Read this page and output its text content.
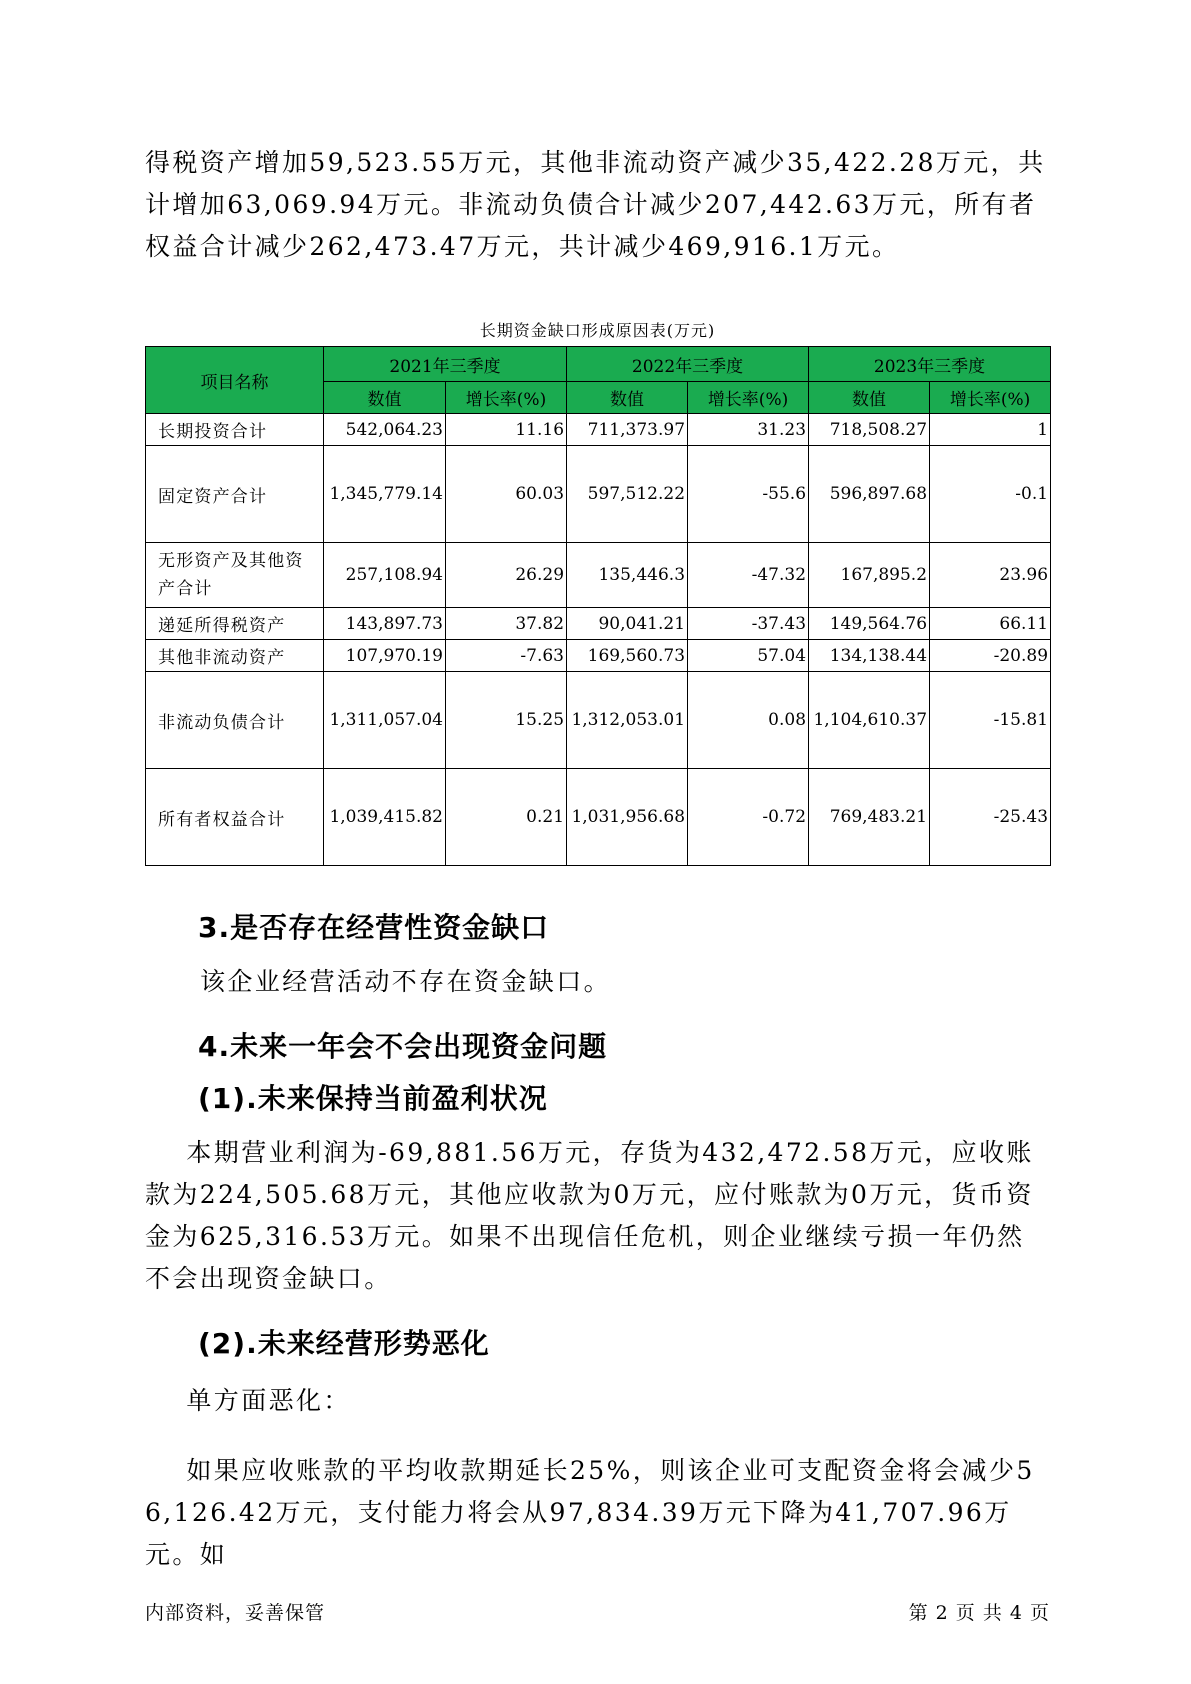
得税资产增加59,523.55万元，其他非流动资产减少35,422.28万元，共计增加63,069.94万元。非流动负债合计减少207,442.63万元，所有者权益合计减少262,473.47万元，共计减少469,916.1万元。

长期资金缺口形成原因表(万元)
项目名称	2021年三季度		2022年三季度		2023年三季度	
	数值	增长率(%)	数值	增长率(%)	数值	增长率(%)
长期投资合计	542,064.23	11.16	711,373.97	31.23	718,508.27	1
固定资产合计	1,345,779.14	60.03	597,512.22	-55.6	596,897.68	-0.1
无形资产及其他资产合计	257,108.94	26.29	135,446.3	-47.32	167,895.2	23.96
递延所得税资产	143,897.73	37.82	90,041.21	-37.43	149,564.76	66.11
其他非流动资产	107,970.19	-7.63	169,560.73	57.04	134,138.44	-20.89
非流动负债合计	1,311,057.04	15.25	1,312,053.01	0.08	1,104,610.37	-15.81
所有者权益合计	1,039,415.82	0.21	1,031,956.68	-0.72	769,483.21	-25.43
3.是否存在经营性资金缺口

该企业经营活动不存在资金缺口。

4.未来一年会不会出现资金问题
(1).未来保持当前盈利状况

本期营业利润为-69,881.56万元，存货为432,472.58万元，应收账款为224,505.68万元，其他应收款为0万元，应付账款为0万元，货币资金为625,316.53万元。如果不出现信任危机，则企业继续亏损一年仍然不会出现资金缺口。

(2).未来经营形势恶化

单方面恶化：

如果应收账款的平均收款期延长25%，则该企业可支配资金将会减少56,126.42万元，支付能力将会从97,834.39万元下降为41,707.96万元。如

内部资料，妥善保管	第 2 页 共 4 页
